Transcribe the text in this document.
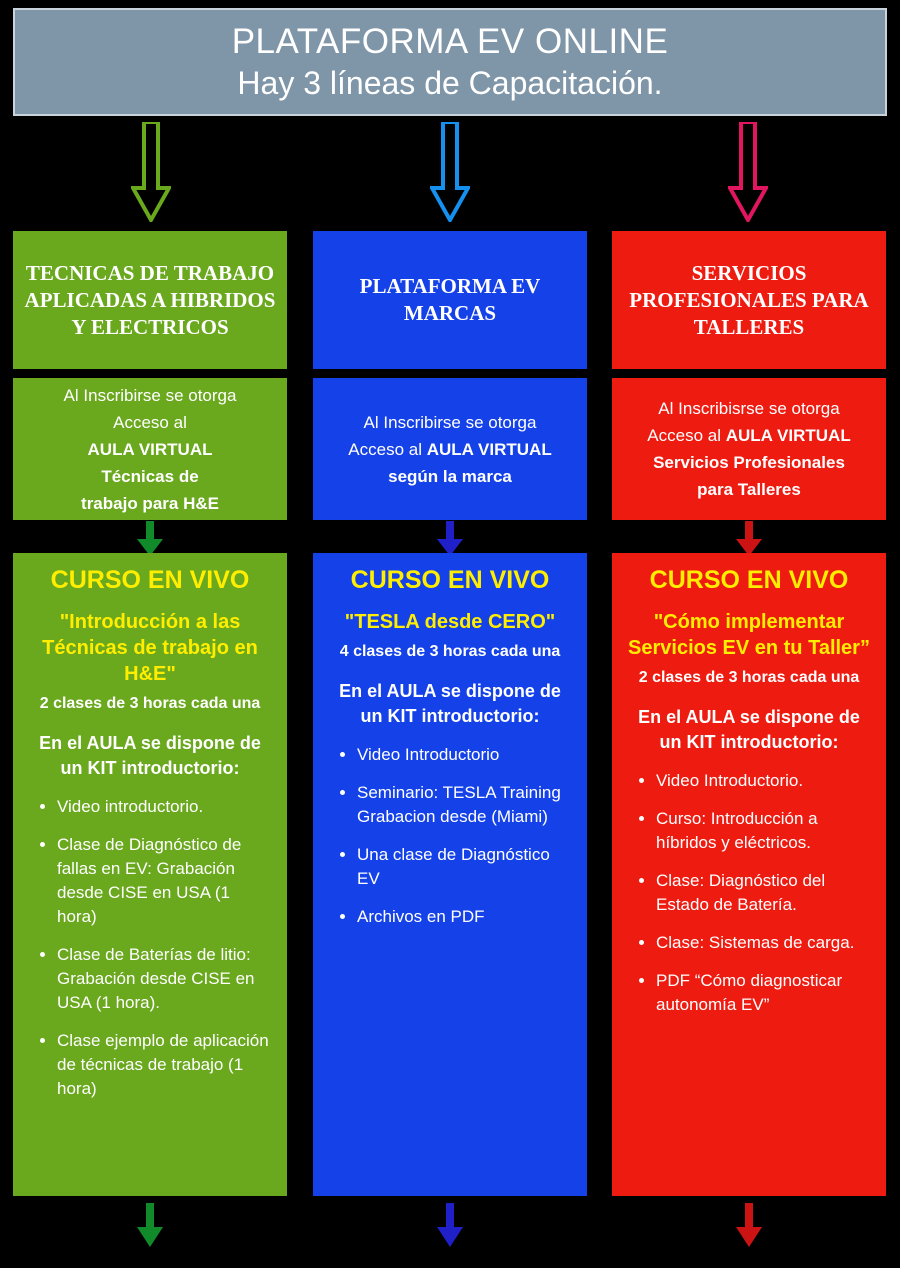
PLATAFORMA EV ONLINE
Hay 3 líneas de Capacitación.
TECNICAS DE TRABAJO APLICADAS A HIBRIDOS Y ELECTRICOS
PLATAFORMA EV MARCAS
SERVICIOS PROFESIONALES PARA TALLERES
Al Inscribirse se otorga
Acceso al
AULA VIRTUAL
Técnicas de
trabajo para H&E
Al Inscribirse se otorga
Acceso al AULA VIRTUAL
según la marca
Al Inscribisrse se otorga
Acceso al AULA VIRTUAL
Servicios Profesionales
para Talleres
CURSO EN VIVO
"Introducción a las Técnicas de trabajo en H&E"
2 clases de 3 horas cada una
En el AULA se dispone de un KIT introductorio:
• Video introductorio.
• Clase de Diagnóstico de fallas en EV: Grabación desde CISE en USA (1 hora)
• Clase de Baterías de litio: Grabación desde CISE en USA (1 hora).
• Clase ejemplo de aplicación de técnicas de trabajo (1 hora)
CURSO EN VIVO
"TESLA desde CERO"
4 clases de 3 horas cada una
En el AULA se dispone de un KIT introductorio:
• Video Introductorio
• Seminario: TESLA Training Grabacion desde (Miami)
• Una clase de Diagnóstico EV
• Archivos en PDF
CURSO EN VIVO
"Cómo implementar Servicios EV en tu Taller”
2 clases de 3 horas cada una
En el AULA se dispone de un KIT introductorio:
• Video Introductorio.
• Curso: Introducción a híbridos y eléctricos.
• Clase: Diagnóstico del Estado de Batería.
• Clase: Sistemas de carga.
• PDF “Cómo diagnosticar autonomía EV”
